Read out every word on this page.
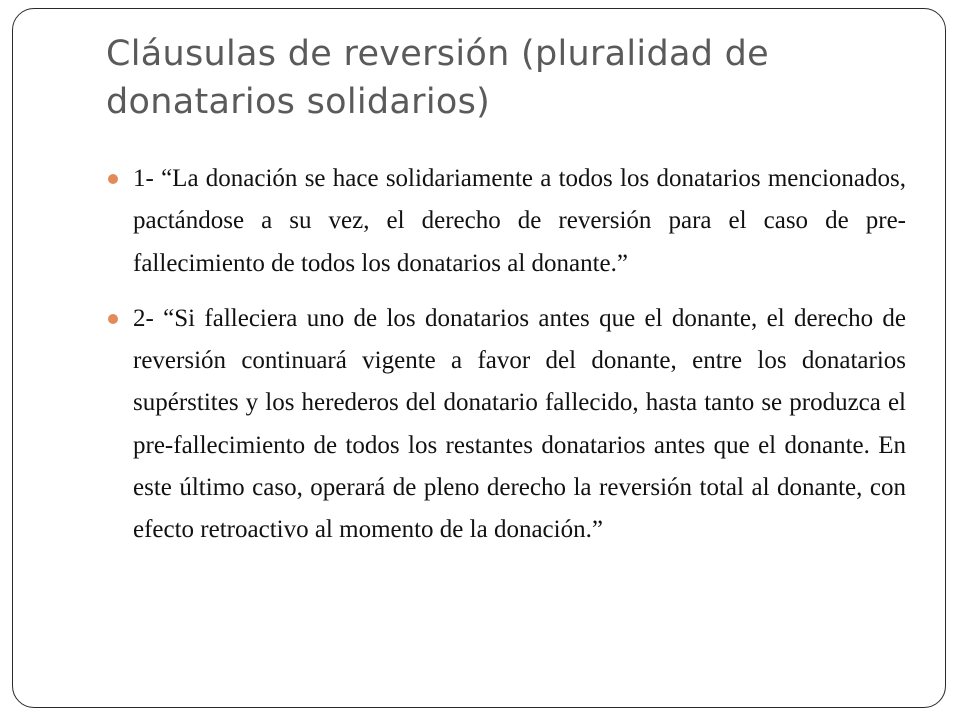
Cláusulas de reversión (pluralidad de donatarios solidarios)
1- “La donación se hace solidariamente a todos los donatarios mencionados, pactándose a su vez, el derecho de reversión para el caso de pre-fallecimiento de todos los donatarios al donante.”
2- “Si falleciera uno de los donatarios antes que el donante, el derecho de reversión continuará vigente a favor del donante, entre los donatarios supérstites y los herederos del donatario fallecido, hasta tanto se produzca el pre-fallecimiento de todos los restantes donatarios antes que el donante. En este último caso, operará de pleno derecho la reversión total al donante, con efecto retroactivo al momento de la donación.”
